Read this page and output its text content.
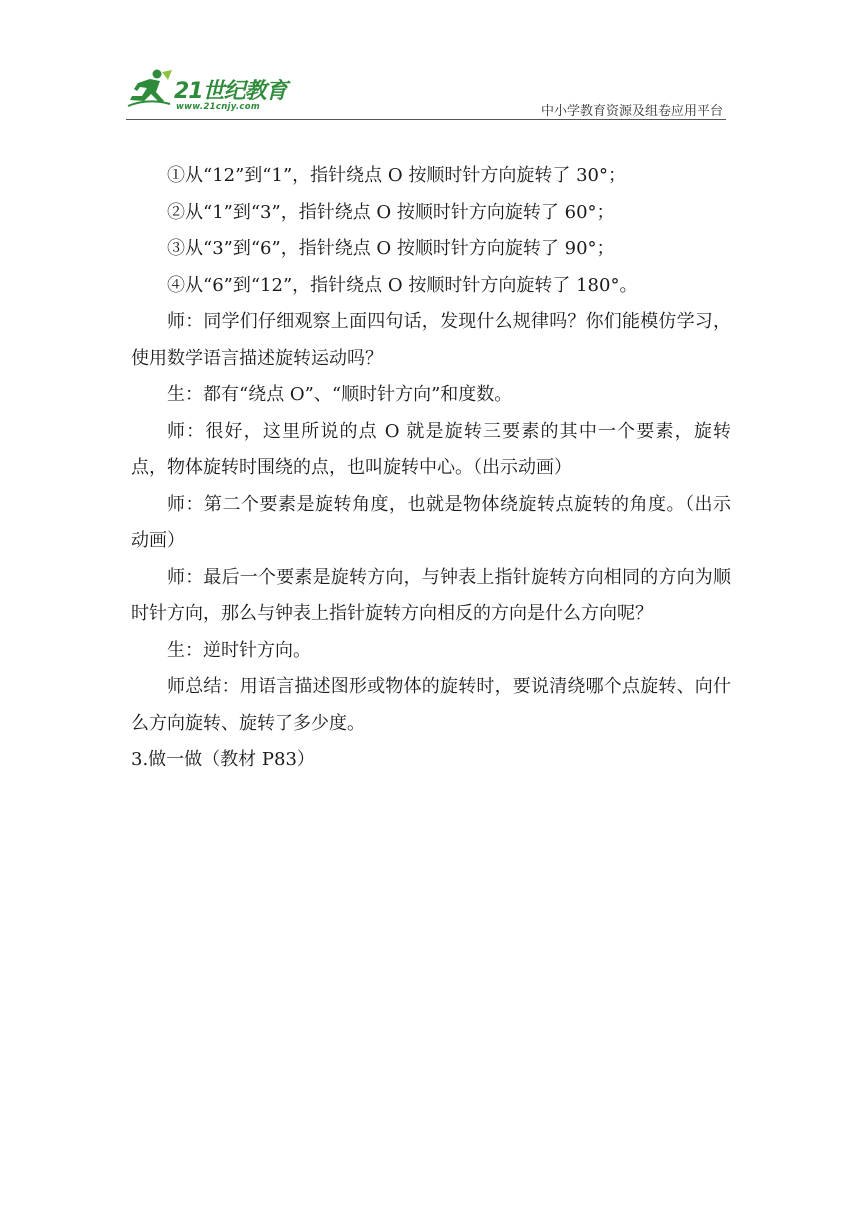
21世纪教育
www.21cnjy.com	中小学教育资源及组卷应用平台

①从“12”到“1”，指针绕点 O 按顺时针方向旋转了 30°；

②从“1”到“3”，指针绕点 O 按顺时针方向旋转了 60°；

③从“3”到“6”，指针绕点 O 按顺时针方向旋转了 90°；

④从“6”到“12”，指针绕点 O 按顺时针方向旋转了 180°。

师：同学们仔细观察上面四句话，发现什么规律吗？你们能模仿学习，使用数学语言描述旋转运动吗？

生：都有“绕点 O”、“顺时针方向”和度数。

师：很好，这里所说的点 O 就是旋转三要素的其中一个要素，旋转点，物体旋转时围绕的点，也叫旋转中心。（出示动画）

师：第二个要素是旋转角度，也就是物体绕旋转点旋转的角度。（出示动画）

师：最后一个要素是旋转方向，与钟表上指针旋转方向相同的方向为顺时针方向，那么与钟表上指针旋转方向相反的方向是什么方向呢？

生：逆时针方向。

师总结：用语言描述图形或物体的旋转时，要说清绕哪个点旋转、向什么方向旋转、旋转了多少度。

3.做一做（教材 P83）
